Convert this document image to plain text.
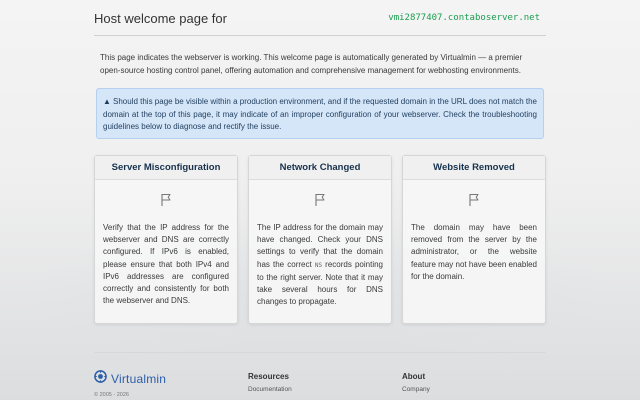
Host welcome page for	vmi2877407.contaboserver.net

This page indicates the webserver is working. This welcome page is automatically generated by Virtualmin — a premier open-source hosting control panel, offering automation and comprehensive management for webhosting environments.

▲ Should this page be visible within a production environment, and if the requested domain in the URL does not match the domain at the top of this page, it may indicate of an improper configuration of your webserver. Check the troubleshooting guidelines below to diagnose and rectify the issue.
Server Misconfiguration

Verify that the IP address for the webserver and DNS are correctly configured. If IPv6 is enabled, please ensure that both IPv4 and IPv6 addresses are configured correctly and consistently for both the webserver and DNS.

Network Changed

The IP address for the domain may have changed. Check your DNS settings to verify that the domain has the correct NS records pointing to the right server. Note that it may take several hours for DNS changes to propagate.

Website Removed

The domain may have been removed from the server by the administrator, or the website feature may not have been enabled for the domain.

Virtualmin
© 2005 - 2026
Resources
Documentation
About
Company
